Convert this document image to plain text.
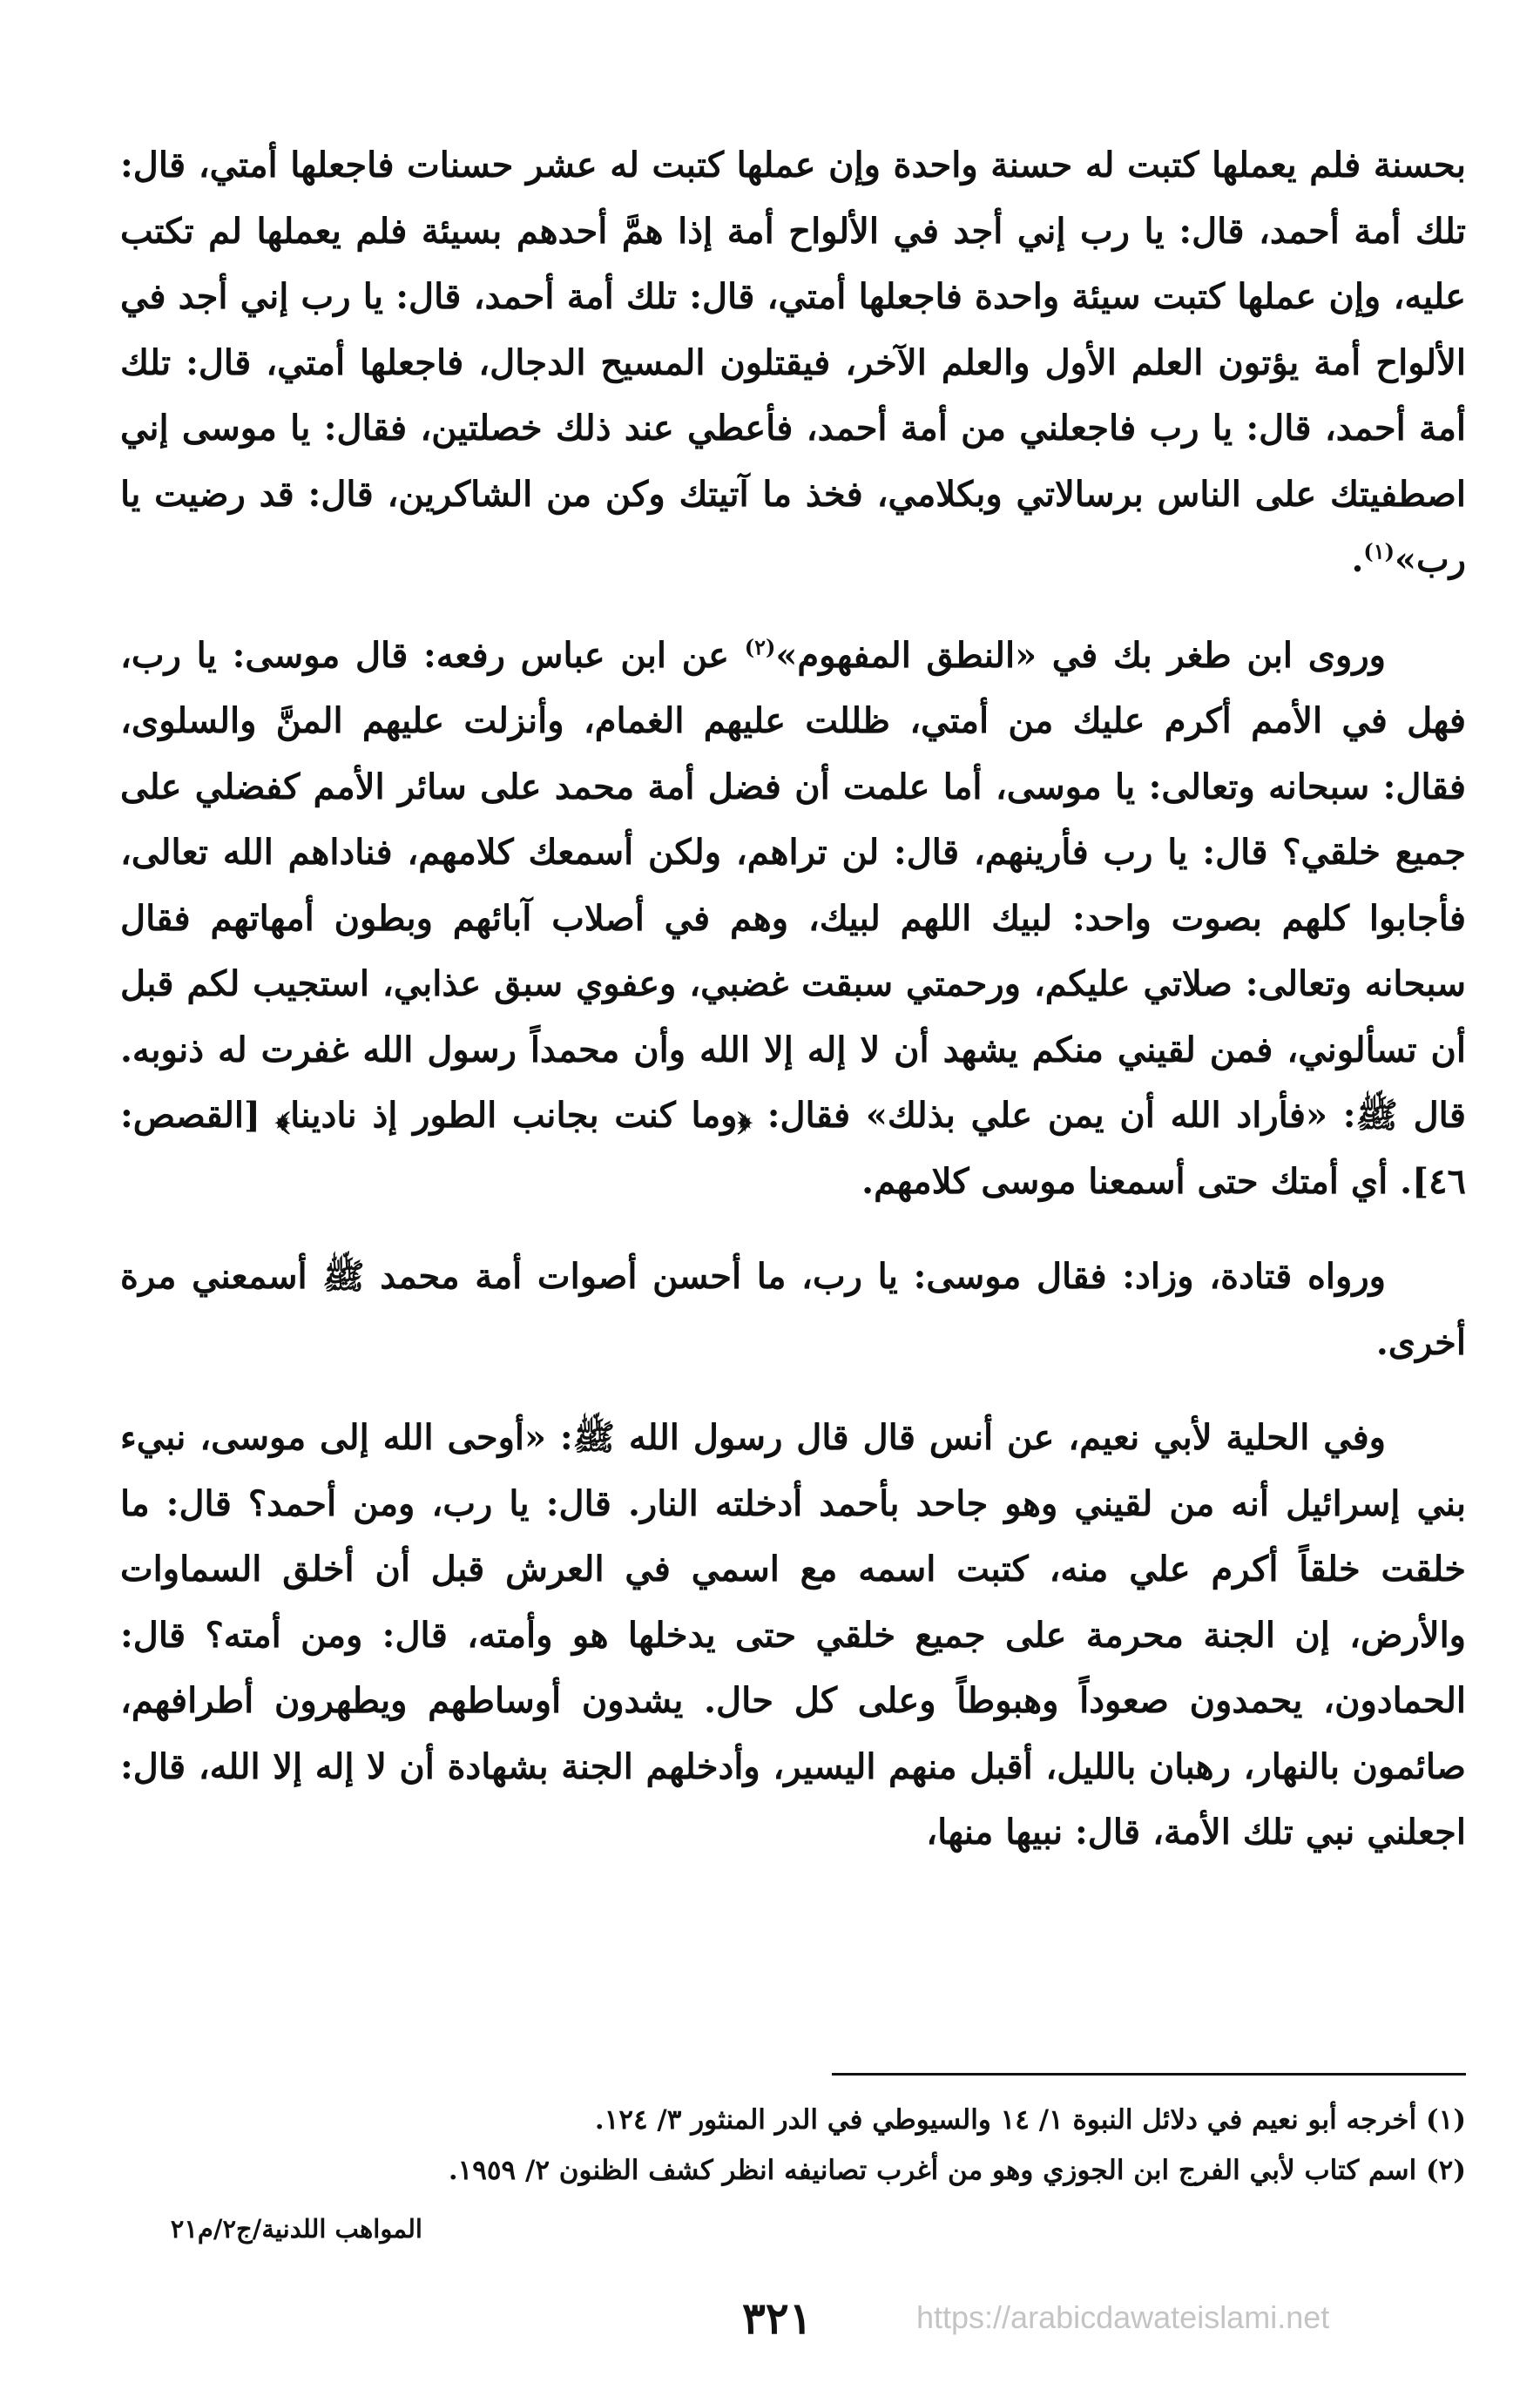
بحسنة فلم يعملها كتبت له حسنة واحدة وإن عملها كتبت له عشر حسنات فاجعلها أمتي، قال: تلك أمة أحمد، قال: يا رب إني أجد في الألواح أمة إذا همَّ أحدهم بسيئة فلم يعملها لم تكتب عليه، وإن عملها كتبت سيئة واحدة فاجعلها أمتي، قال: تلك أمة أحمد، قال: يا رب إني أجد في الألواح أمة يؤتون العلم الأول والعلم الآخر، فيقتلون المسيح الدجال، فاجعلها أمتي، قال: تلك أمة أحمد، قال: يا رب فاجعلني من أمة أحمد، فأعطي عند ذلك خصلتين، فقال: يا موسى إني اصطفيتك على الناس برسالاتي وبكلامي، فخذ ما آتيتك وكن من الشاكرين، قال: قد رضيت يا رب»$^{(١)}$.

وروى ابن طغر بك في «النطق المفهوم»$^{(٢)}$ عن ابن عباس رفعه: قال موسى: يا رب، فهل في الأمم أكرم عليك من أمتي، ظللت عليهم الغمام، وأنزلت عليهم المنَّ والسلوى، فقال: سبحانه وتعالى: يا موسى، أما علمت أن فضل أمة محمد على سائر الأمم كفضلي على جميع خلقي؟ قال: يا رب فأرينهم، قال: لن تراهم، ولكن أسمعك كلامهم، فناداهم الله تعالى، فأجابوا كلهم بصوت واحد: لبيك اللهم لبيك، وهم في أصلاب آبائهم وبطون أمهاتهم فقال سبحانه وتعالى: صلاتي عليكم، ورحمتي سبقت غضبي، وعفوي سبق عذابي، استجيب لكم قبل أن تسألوني، فمن لقيني منكم يشهد أن لا إله إلا الله وأن محمداً رسول الله غفرت له ذنوبه. قال ﷺ: «فأراد الله أن يمن علي بذلك» فقال: ﴿وما كنت بجانب الطور إذ نادينا﴾ [القصص: ٤٦]. أي أمتك حتى أسمعنا موسى كلامهم.

ورواه قتادة، وزاد: فقال موسى: يا رب، ما أحسن أصوات أمة محمد ﷺ أسمعني مرة أخرى.

وفي الحلية لأبي نعيم، عن أنس قال قال رسول الله ﷺ: «أوحى الله إلى موسى، نبيء بني إسرائيل أنه من لقيني وهو جاحد بأحمد أدخلته النار. قال: يا رب، ومن أحمد؟ قال: ما خلقت خلقاً أكرم علي منه، كتبت اسمه مع اسمي في العرش قبل أن أخلق السماوات والأرض، إن الجنة محرمة على جميع خلقي حتى يدخلها هو وأمته، قال: ومن أمته؟ قال: الحمادون، يحمدون صعوداً وهبوطاً وعلى كل حال. يشدون أوساطهم ويطهرون أطرافهم، صائمون بالنهار، رهبان بالليل، أقبل منهم اليسير، وأدخلهم الجنة بشهادة أن لا إله إلا الله، قال: اجعلني نبي تلك الأمة، قال: نبيها منها،

(١) أخرجه أبو نعيم في دلائل النبوة ١/ ١٤ والسيوطي في الدر المنثور ٣/ ١٢٤.

(٢) اسم كتاب لأبي الفرج ابن الجوزي وهو من أغرب تصانيفه انظر كشف الظنون ٢/ ١٩٥٩.

المواهب اللدنية/ج٢/م٢١
٣٢١	https://arabicdawateislami.net
